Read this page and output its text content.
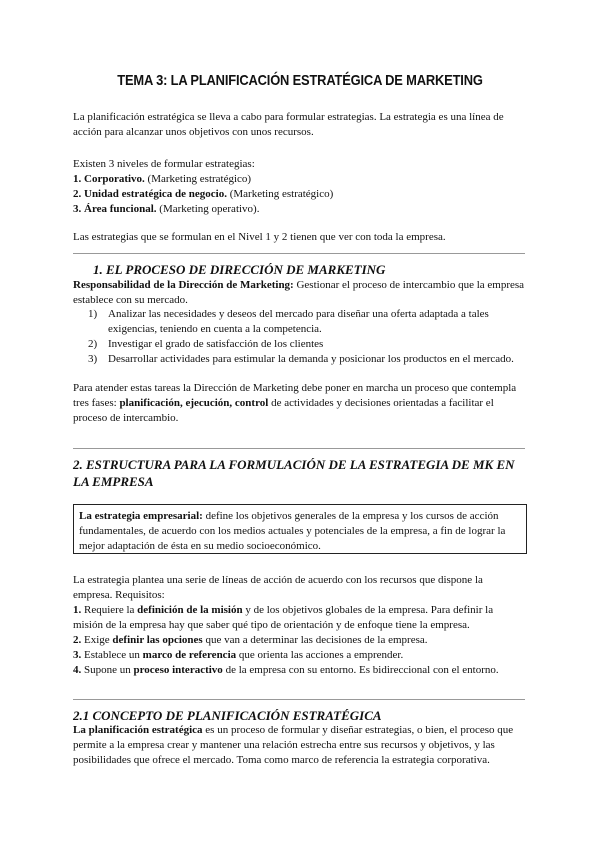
TEMA 3: LA PLANIFICACIÓN ESTRATÉGICA DE MARKETING
La planificación estratégica se lleva a cabo para formular estrategias. La estrategia es una línea de
acción para alcanzar unos objetivos con unos recursos.
Existen 3 niveles de formular estrategias:
1. Corporativo. (Marketing estratégico)
2. Unidad estratégica de negocio. (Marketing estratégico)
3. Área funcional. (Marketing operativo).
Las estrategias que se formulan en el Nivel 1 y 2 tienen que ver con toda la empresa.
1. EL PROCESO DE DIRECCIÓN DE MARKETING
Responsabilidad de la Dirección de Marketing: Gestionar el proceso de intercambio que la empresa
establece con su mercado.
1) Analizar las necesidades y deseos del mercado para diseñar una oferta adaptada a tales
exigencias, teniendo en cuenta a la competencia.
2) Investigar el grado de satisfacción de los clientes
3) Desarrollar actividades para estimular la demanda y posicionar los productos en el mercado.
Para atender estas tareas la Dirección de Marketing debe poner en marcha un proceso que contempla
tres fases: planificación, ejecución, control de actividades y decisiones orientadas a facilitar el
proceso de intercambio.
2. ESTRUCTURA PARA LA FORMULACIÓN DE LA ESTRATEGIA DE MK EN
LA EMPRESA
La estrategia empresarial: define los objetivos generales de la empresa y los cursos de acción
fundamentales, de acuerdo con los medios actuales y potenciales de la empresa, a fin de lograr la
mejor adaptación de ésta en su medio socioeconómico.
La estrategia plantea una serie de líneas de acción de acuerdo con los recursos que dispone la
empresa. Requisitos:
1. Requiere la definición de la misión y de los objetivos globales de la empresa. Para definir la
misión de la empresa hay que saber qué tipo de orientación y de enfoque tiene la empresa.
2. Exige definir las opciones que van a determinar las decisiones de la empresa.
3. Establece un marco de referencia que orienta las acciones a emprender.
4. Supone un proceso interactivo de la empresa con su entorno. Es bidireccional con el entorno.
2.1 CONCEPTO DE PLANIFICACIÓN ESTRATÉGICA
La planificación estratégica es un proceso de formular y diseñar estrategias, o bien, el proceso que
permite a la empresa crear y mantener una relación estrecha entre sus recursos y objetivos, y las
posibilidades que ofrece el mercado. Toma como marco de referencia la estrategia corporativa.
